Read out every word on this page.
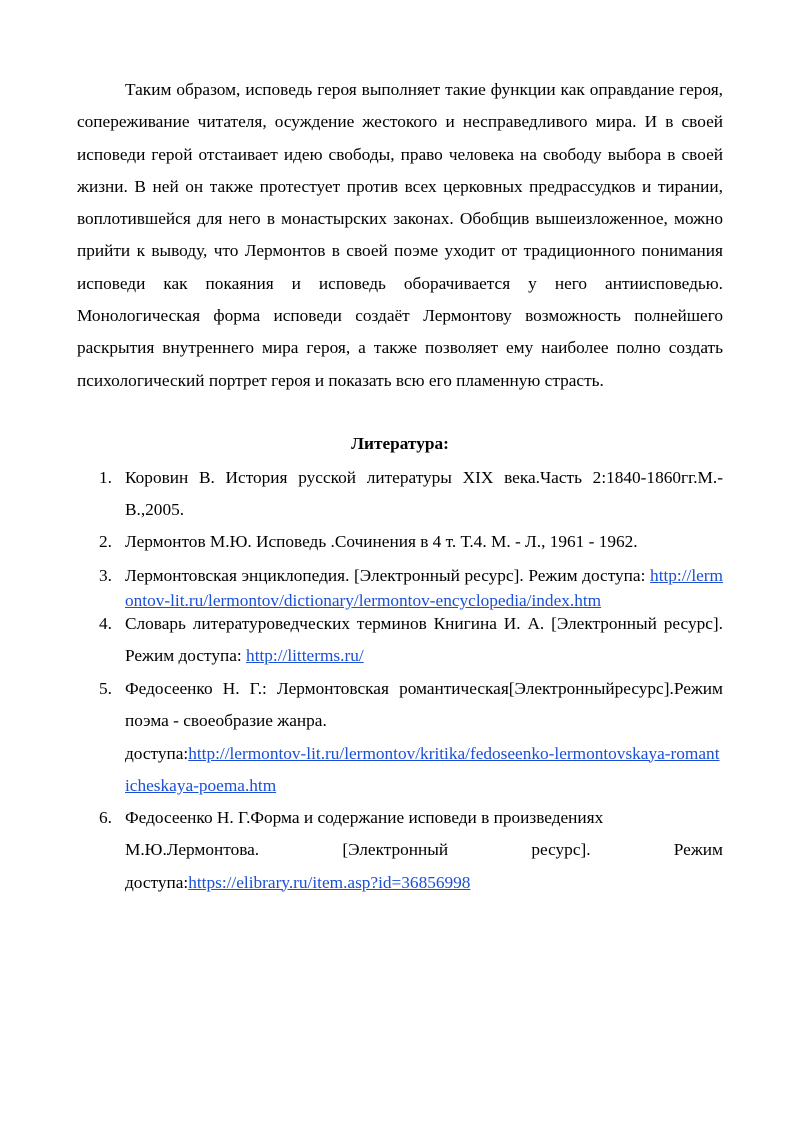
Таким образом, исповедь героя выполняет такие функции как оправдание героя, сопереживание читателя, осуждение жестокого и несправедливого мира. И в своей исповеди герой отстаивает идею свободы, право человека на свободу выбора в своей жизни. В ней он также протестует против всех церковных предрассудков и тирании, воплотившейся для него в монастырских законах. Обобщив вышеизложенное, можно прийти к выводу, что Лермонтов в своей поэме уходит от традиционного понимания исповеди как покаяния и исповедь оборачивается у него антиисповедью. Монологическая форма исповеди создаёт Лермонтову возможность полнейшего раскрытия внутреннего мира героя, а также позволяет ему наиболее полно создать психологический портрет героя и показать всю его пламенную страсть.

Литература:

1. Коровин В. История русской литературы XIX века.Часть 2:1840-1860гг.М.-В.,2005.
2. Лермонтов М.Ю. Исповедь .Сочинения в 4 т. Т.4. М. - Л., 1961 - 1962.
3. Лермонтовская энциклопедия. [Электронный ресурс]. Режим доступа: http://lermontov-lit.ru/lermontov/dictionary/lermontov-encyclopedia/index.htm
4. Словарь литературоведческих терминов Книгина И. А. [Электронный ресурс]. Режим доступа: http://litterms.ru/
5. Федосеенко Н. Г.: Лермонтовская романтическая поэма - своеобразие жанра.
[Электронный ресурс]. Режим
доступа:http://lermontov-lit.ru/lermontov/kritika/fedoseenko-lermontovskaya-romanticheskaya-poema.htm
6. Федосеенко Н. Г.Форма и содержание исповеди в произведениях
М.Ю.Лермонтова.	[Электронный	ресурс].	Режим
доступа:https://elibrary.ru/item.asp?id=36856998
